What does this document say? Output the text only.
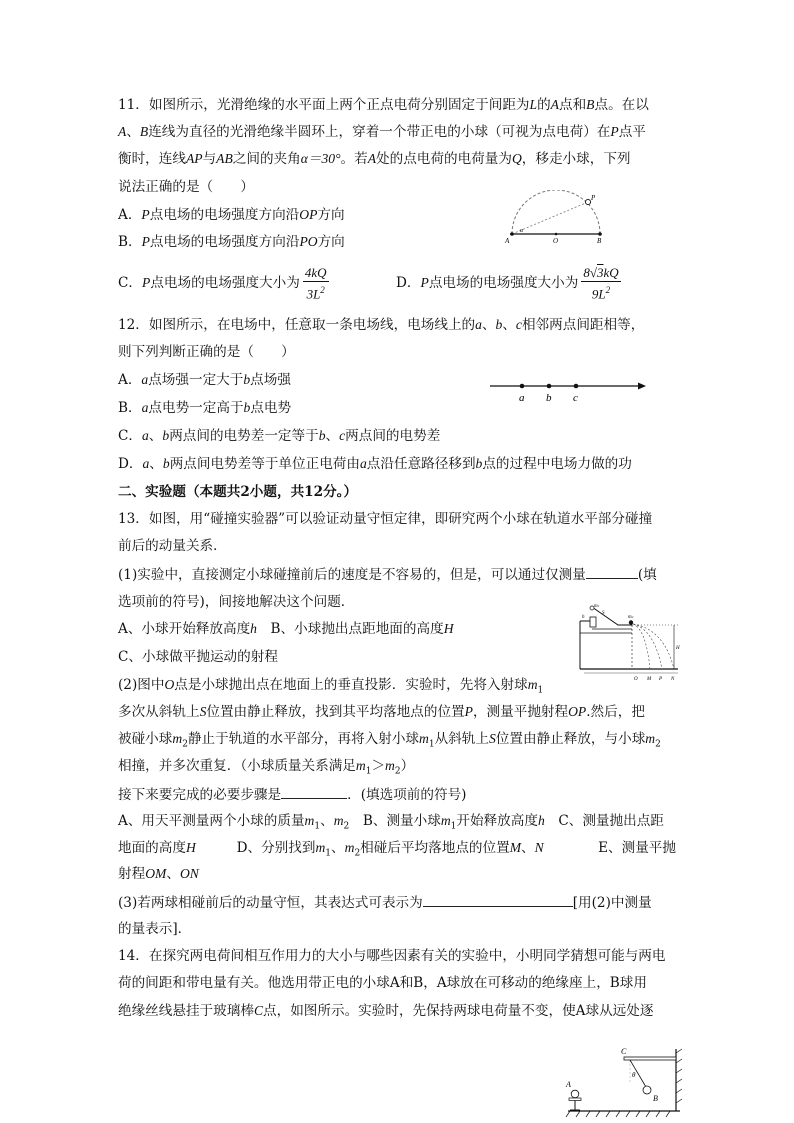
11．如图所示，光滑绝缘的水平面上两个正点电荷分别固定于间距为L的A点和B点。在以
A、B连线为直径的光滑绝缘半圆环上，穿着一个带正电的小球（可视为点电荷）在P点平
衡时，连线AP与AB之间的夹角α＝30°。若A处的点电荷的电荷量为Q，移走小球，下列
说法正确的是（　　）
A．P点电场的电场强度方向沿OP方向
B．P点电场的电场强度方向沿PO方向
C．P点电场的电场强度大小为 $\frac{4kQ}{3L^2}$	D．P点电场的电场强度大小为 $\frac{8√3kQ}{9L^2}$
P
A
α
O	B
12．如图所示，在电场中，任意取一条电场线，电场线上的a、b、c相邻两点间距相等，
则下列判断正确的是（　　）
A．a点场强一定大于b点场强
B．a点电势一定高于b点电势
C．a、b两点间的电势差一定等于b、c两点间的电势差
D．a、b两点间电势差等于单位正电荷由a点沿任意路径移到b点的过程中电场力做的功
a b c
二、实验题（本题共2小题，共12分。）
13．如图，用“碰撞实验器”可以验证动量守恒定律，即研究两个小球在轨道水平部分碰撞
前后的动量关系．
(1)实验中，直接测定小球碰撞前后的速度是不容易的，但是，可以通过仅测量	(填
选项前的符号)，间接地解决这个问题．
A、小球开始释放高度h　B、小球抛出点距地面的高度H
C、小球做平抛运动的射程
(2)图中O点是小球抛出点在地面上的垂直投影．实验时，先将入射球$m_1$
多次从斜轨上S位置由静止释放，找到其平均落地点的位置P，测量平抛射程OP.然后，把
被碰小球$m_2$静止于轨道的水平部分，再将入射小球$m_1$从斜轨上S位置由静止释放，与小球$m_2$
相撞，并多次重复．（小球质量关系满足$m_1>m_2$）
接下来要完成的必要步骤是	．(填选项前的符号)
A、用天平测量两个小球的质量$m_1$、$m_2$　B、测量小球$m_1$开始释放高度h　C、测量抛出点距
地面的高度H　　　D、分别找到$m_1$、$m_2$相碰后平均落地点的位置M、N　　　　E、测量平抛
射程OM、ON
(3)若两球相碰前后的动量守恒，其表达式可表示为	[用(2)中测量
的量表示]．
m1
m2
S
h
H
O M P N
14．在探究两电荷间相互作用力的大小与哪些因素有关的实验中，小明同学猜想可能与两电
荷的间距和带电量有关。他选用带正电的小球A和B，A球放在可移动的绝缘座上，B球用
绝缘丝线悬挂于玻璃棒C点，如图所示。实验时，先保持两球电荷量不变，使A球从远处逐
C
θ
A
B
